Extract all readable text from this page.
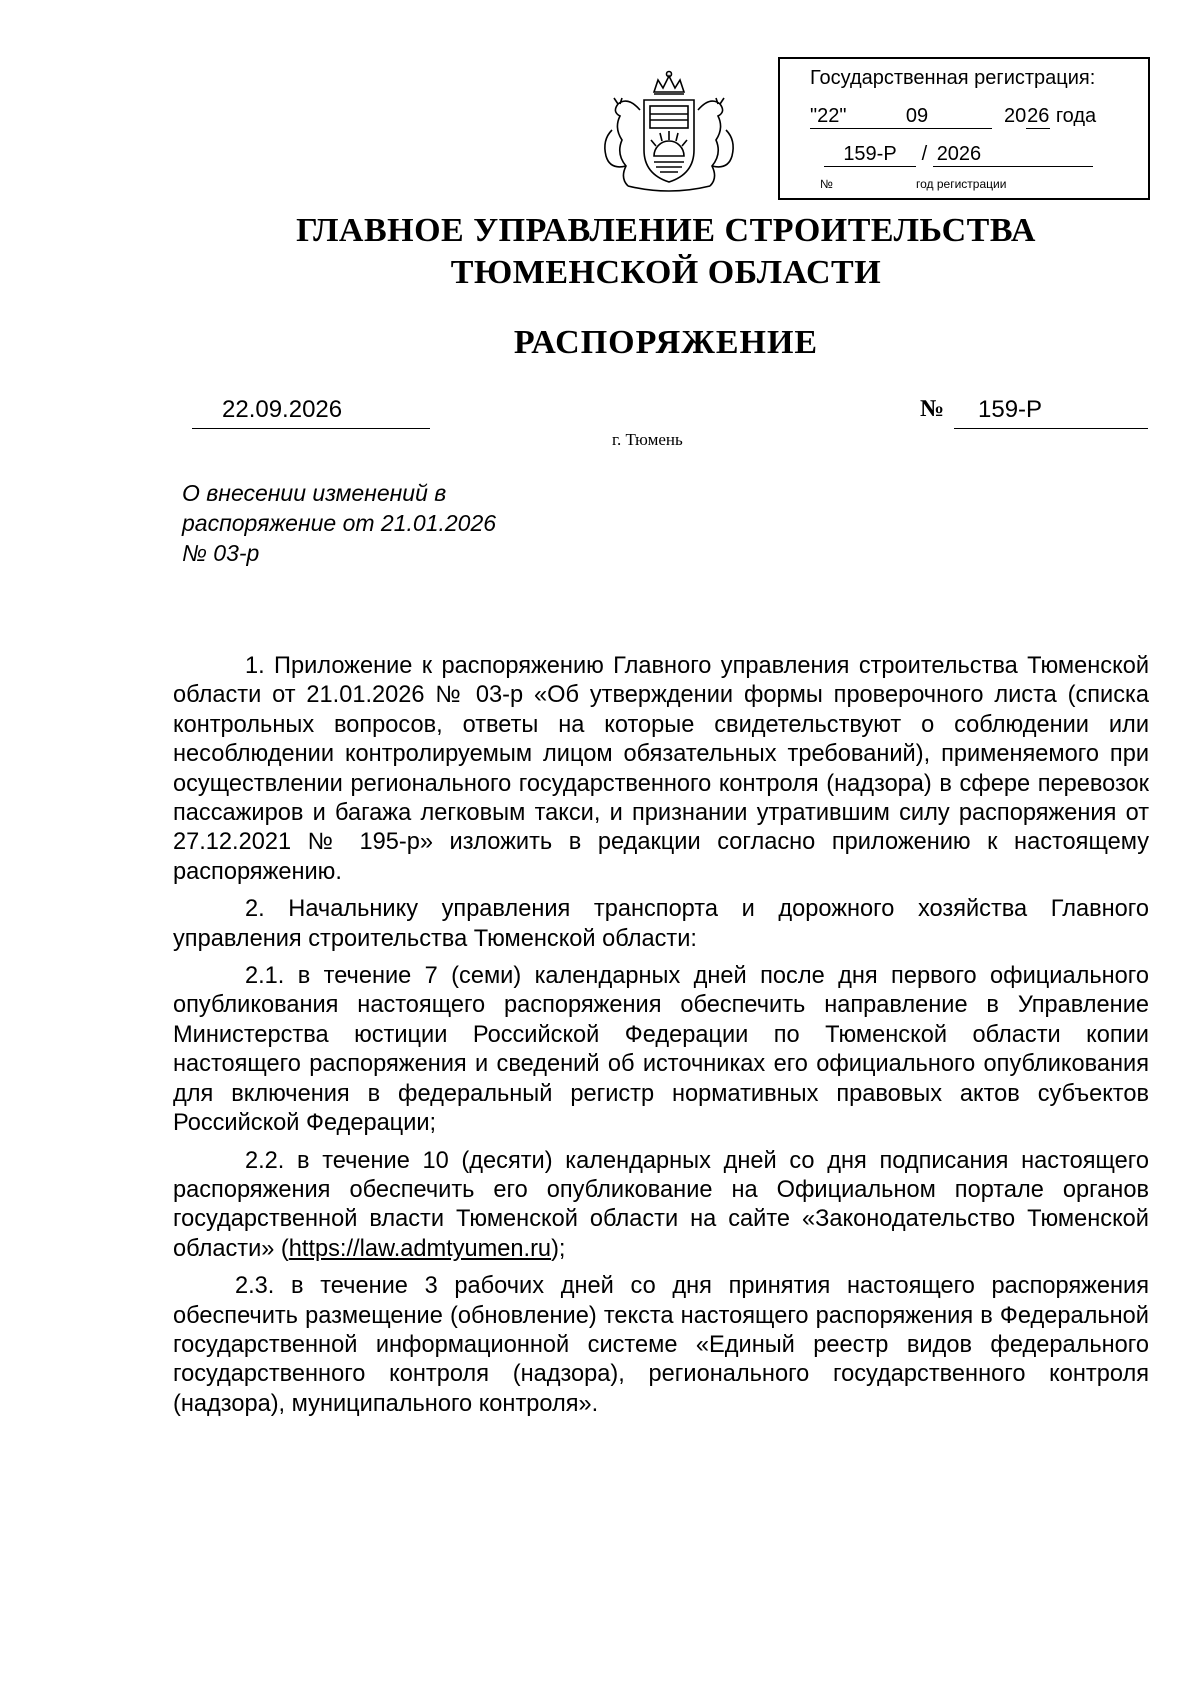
Государственная регистрация:
"22"	09	2026 года
159-Р / 2026
№	год регистрации
ГЛАВНОЕ УПРАВЛЕНИЕ СТРОИТЕЛЬСТВА
ТЮМЕНСКОЙ ОБЛАСТИ
РАСПОРЯЖЕНИЕ
22.09.2026	№	159-Р
г. Тюмень
О внесении изменений в
распоряжение от 21.01.2026
№ 03-р

1. Приложение к распоряжению Главного управления строительства Тюменской области от 21.01.2026 № 03-р «Об утверждении формы проверочного листа (списка контрольных вопросов, ответы на которые свидетельствуют о соблюдении или несоблюдении контролируемым лицом обязательных требований), применяемого при осуществлении регионального государственного контроля (надзора) в сфере перевозок пассажиров и багажа легковым такси, и признании утратившим силу распоряжения от 27.12.2021 № 195-р» изложить в редакции согласно приложению к настоящему распоряжению.

2. Начальнику управления транспорта и дорожного хозяйства Главного управления строительства Тюменской области:

2.1. в течение 7 (семи) календарных дней после дня первого официального опубликования настоящего распоряжения обеспечить направление в Управление Министерства юстиции Российской Федерации по Тюменской области копии настоящего распоряжения и сведений об источниках его официального опубликования для включения в федеральный регистр нормативных правовых актов субъектов Российской Федерации;

2.2. в течение 10 (десяти) календарных дней со дня подписания настоящего распоряжения обеспечить его опубликование на Официальном портале органов государственной власти Тюменской области на сайте «Законодательство Тюменской области» (https://law.admtyumen.ru);

2.3. в течение 3 рабочих дней со дня принятия настоящего распоряжения обеспечить размещение (обновление) текста настоящего распоряжения в Федеральной государственной информационной системе «Единый реестр видов федерального государственного контроля (надзора), регионального государственного контроля (надзора), муниципального контроля».
